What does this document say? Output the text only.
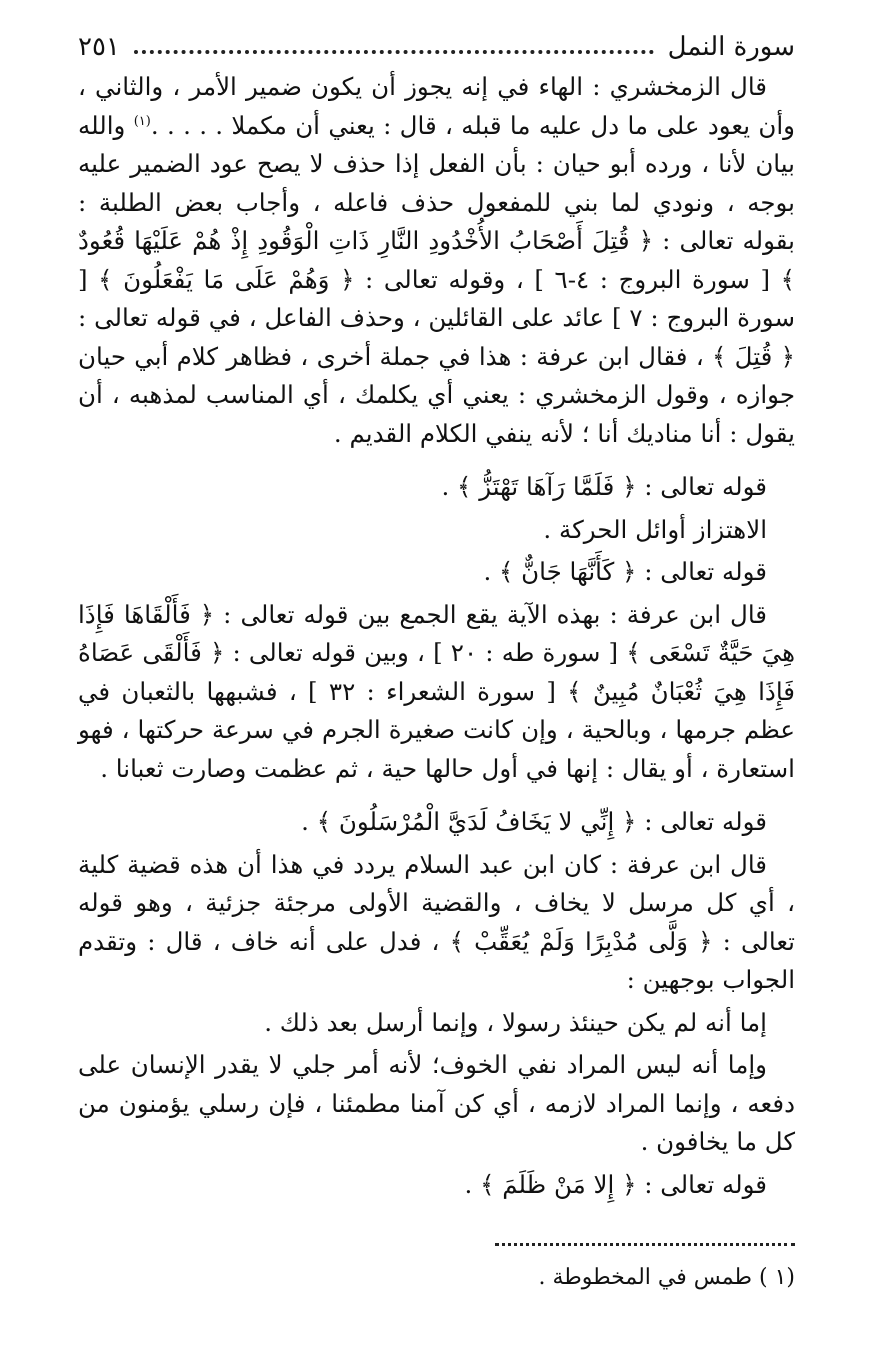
سورة النمل
٢٥١

قال الزمخشري : الهاء في إنه يجوز أن يكون ضمير الأمر ، والثاني ، وأن يعود على ما دل عليه ما قبله ، قال : يعني أن مكملا . . . . .$^{(١)}$ والله بيان لأنا ، ورده أبو حيان : بأن الفعل إذا حذف لا يصح عود الضمير عليه بوجه ، ونودي لما بني للمفعول حذف فاعله ، وأجاب بعض الطلبة : بقوله تعالى : ﴿ قُتِلَ أَصْحَابُ الأُخْدُودِ النَّارِ ذَاتِ الْوَقُودِ إِذْ هُمْ عَلَيْهَا قُعُودٌ ﴾ [ سورة البروج : ٤-٦ ] ، وقوله تعالى : ﴿ وَهُمْ عَلَى مَا يَفْعَلُونَ ﴾ [ سورة البروج : ٧ ] عائد على القائلين ، وحذف الفاعل ، في قوله تعالى : ﴿ قُتِلَ ﴾ ، فقال ابن عرفة : هذا في جملة أخرى ، فظاهر كلام أبي حيان جوازه ، وقول الزمخشري : يعني أي يكلمك ، أي المناسب لمذهبه ، أن يقول : أنا مناديك أنا ؛ لأنه ينفي الكلام القديم .

قوله تعالى : ﴿ فَلَمَّا رَآهَا تَهْتَزُّ ﴾ .

الاهتزاز أوائل الحركة .

قوله تعالى : ﴿ كَأَنَّهَا جَانٌّ ﴾ .

قال ابن عرفة : بهذه الآية يقع الجمع بين قوله تعالى : ﴿ فَأَلْقَاهَا فَإِذَا هِيَ حَيَّةٌ تَسْعَى ﴾ [ سورة طه : ٢٠ ] ، وبين قوله تعالى : ﴿ فَأَلْقَى عَصَاهُ فَإِذَا هِيَ ثُعْبَانٌ مُبِينٌ ﴾ [ سورة الشعراء : ٣٢ ] ، فشبهها بالثعبان في عظم جرمها ، وبالحية ، وإن كانت صغيرة الجرم في سرعة حركتها ، فهو استعارة ، أو يقال : إنها في أول حالها حية ، ثم عظمت وصارت ثعبانا .

قوله تعالى : ﴿ إِنِّي لا يَخَافُ لَدَيَّ الْمُرْسَلُونَ ﴾ .

قال ابن عرفة : كان ابن عبد السلام يردد في هذا أن هذه قضية كلية ، أي كل مرسل لا يخاف ، والقضية الأولى مرجئة جزئية ، وهو قوله تعالى : ﴿ وَلَّى مُدْبِرًا وَلَمْ يُعَقِّبْ ﴾ ، فدل على أنه خاف ، قال : وتقدم الجواب بوجهين :

إما أنه لم يكن حينئذ رسولا ، وإنما أرسل بعد ذلك .

وإما أنه ليس المراد نفي الخوف؛ لأنه أمر جلي لا يقدر الإنسان على دفعه ، وإنما المراد لازمه ، أي كن آمنا مطمئنا ، فإن رسلي يؤمنون من كل ما يخافون .

قوله تعالى : ﴿ إِلا مَنْ ظَلَمَ ﴾ .

(١ ) طمس في المخطوطة .
